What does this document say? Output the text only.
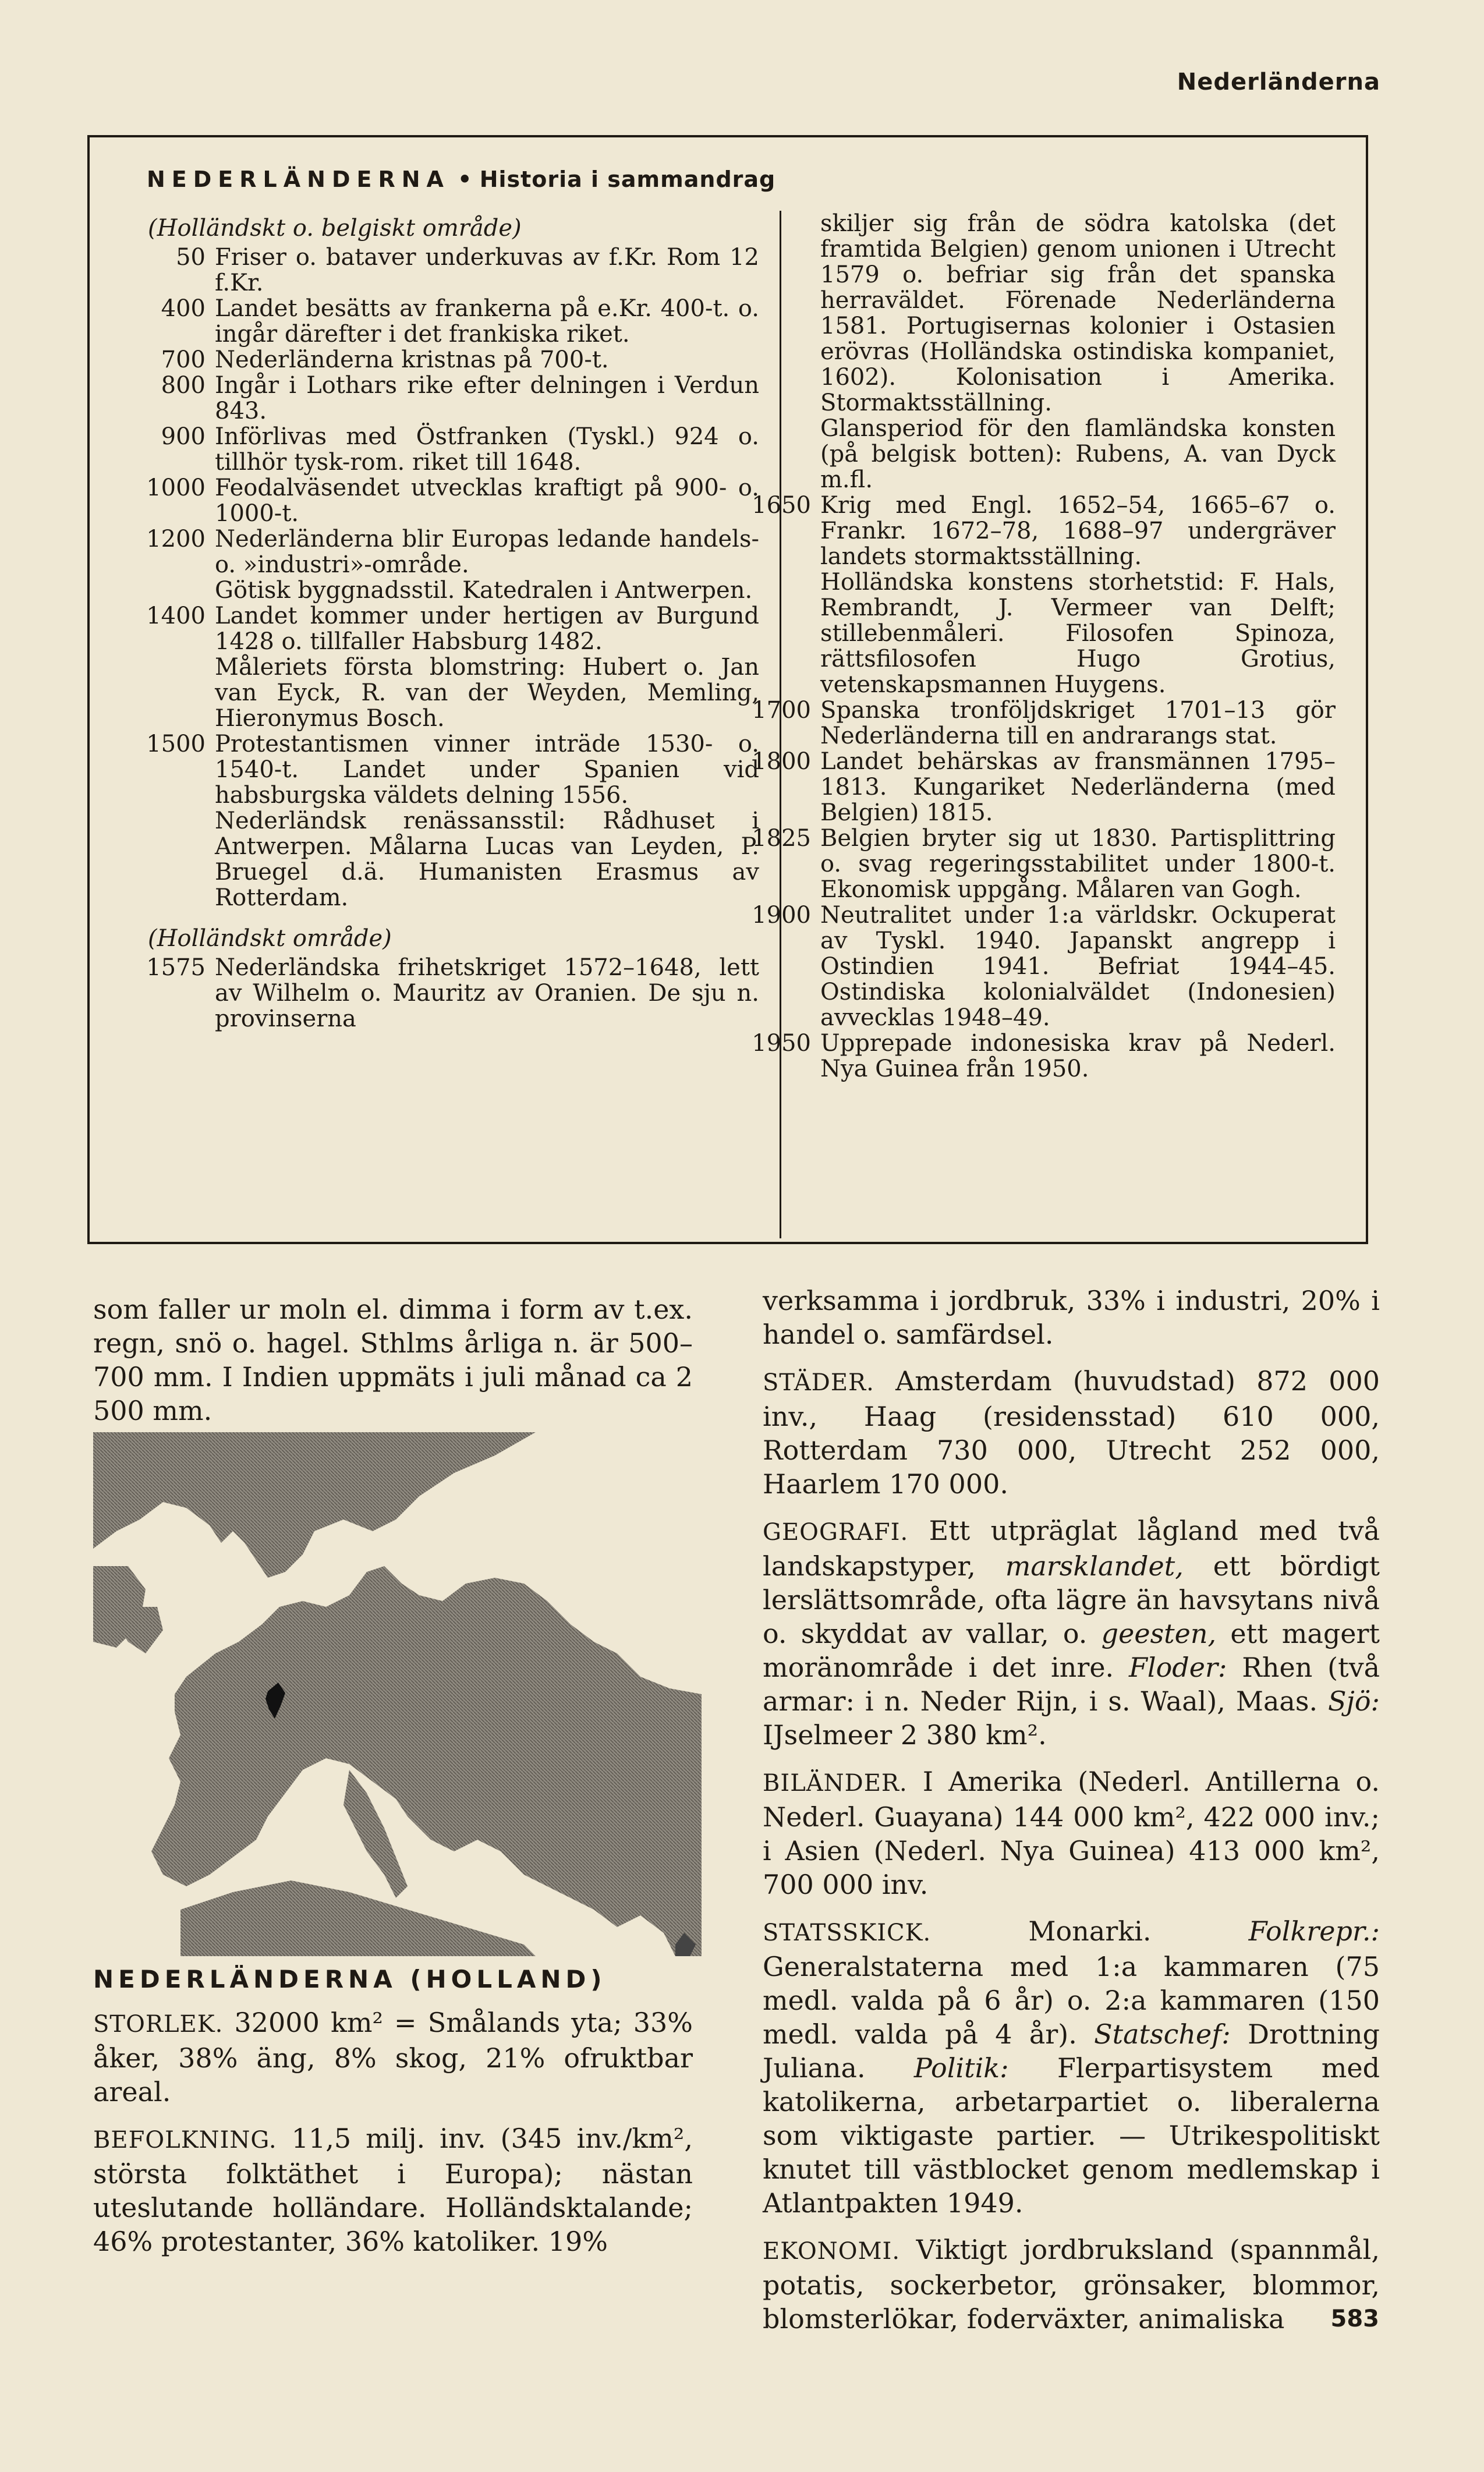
Nederländerna
NEDERLÄNDERNA • Historia i sammandrag
(Holländskt o. belgiskt område)
50 Friser o. bataver underkuvas av f.Kr. Rom 12 f.Kr.
400 Landet besätts av frankerna på e.Kr. 400-t. o. ingår därefter i det frankiska riket.
700 Nederländerna kristnas på 700-t.
800 Ingår i Lothars rike efter delningen i Verdun 843.
900 Införlivas med Östfranken (Tyskl.) 924 o. tillhör tysk-rom. riket till 1648.
1000 Feodalväsendet utvecklas kraftigt på 900- o. 1000-t.
1200 Nederländerna blir Europas ledande handels- o. »industri»-område.

Götisk byggnadsstil. Katedralen i Antwerpen.

1400 Landet kommer under hertigen av Burgund 1428 o. tillfaller Habsburg 1482.

Måleriets första blomstring: Hubert o. Jan van Eyck, R. van der Weyden, Memling, Hieronymus Bosch.

1500 Protestantismen vinner inträde 1530- o. 1540-t. Landet under Spanien vid habsburgska väldets delning 1556.

Nederländsk renässansstil: Rådhuset i Antwerpen. Målarna Lucas van Leyden, P. Bruegel d.ä. Humanisten Erasmus av Rotterdam.

(Holländskt område)
1575 Nederländska frihetskriget 1572–1648, lett av Wilhelm o. Mauritz av Oranien. De sju n. provinserna

skiljer sig från de södra katolska (det framtida Belgien) genom unionen i Utrecht 1579 o. befriar sig från det spanska herraväldet. Förenade Nederländerna 1581. Portugisernas kolonier i Ostasien erövras (Holländska ostindiska kompaniet, 1602). Kolonisation i Amerika. Stormaktsställning.

Glansperiod för den flamländska konsten (på belgisk botten): Rubens, A. van Dyck m.fl.

1650 Krig med Engl. 1652–54, 1665–67 o. Frankr. 1672–78, 1688–97 undergräver landets stormaktsställning.

Holländska konstens storhetstid: F. Hals, Rembrandt, J. Vermeer van Delft; stillebenmåleri. Filosofen Spinoza, rättsfilosofen Hugo Grotius, vetenskapsmannen Huygens.

1700 Spanska tronföljdskriget 1701–13 gör Nederländerna till en andrarangs stat.
1800 Landet behärskas av fransmännen 1795–1813. Kungariket Nederländerna (med Belgien) 1815.
1825 Belgien bryter sig ut 1830. Partisplittring o. svag regeringsstabilitet under 1800-t. Ekonomisk uppgång. Målaren van Gogh.
1900 Neutralitet under 1:a världskr. Ockuperat av Tyskl. 1940. Japanskt angrepp i Ostindien 1941. Befriat 1944–45. Ostindiska kolonialväldet (Indonesien) avvecklas 1948–49.
1950 Upprepade indonesiska krav på Nederl. Nya Guinea från 1950.

som faller ur moln el. dimma i form av t.ex. regn, snö o. hagel. Sthlms årliga n. är 500–700 mm. I Indien uppmäts i juli månad ca 2 500 mm.

NEDERLÄNDERNA (HOLLAND)

STORLEK. 32000 km² = Smålands yta; 33% åker, 38% äng, 8% skog, 21% ofruktbar areal.

BEFOLKNING. 11,5 milj. inv. (345 inv./km², största folktäthet i Europa); nästan uteslutande holländare. Holländsktalande; 46% protestanter, 36% katoliker. 19%

verksamma i jordbruk, 33% i industri, 20% i handel o. samfärdsel.

STÄDER. Amsterdam (huvudstad) 872 000 inv., Haag (residensstad) 610 000, Rotterdam 730 000, Utrecht 252 000, Haarlem 170 000.

GEOGRAFI. Ett utpräglat lågland med två landskapstyper, marsklandet, ett bördigt lerslättsområde, ofta lägre än havsytans nivå o. skyddat av vallar, o. geesten, ett magert moränområde i det inre. Floder: Rhen (två armar: i n. Neder Rijn, i s. Waal), Maas. Sjö: IJselmeer 2 380 km².

BILÄNDER. I Amerika (Nederl. Antillerna o. Nederl. Guayana) 144 000 km², 422 000 inv.; i Asien (Nederl. Nya Guinea) 413 000 km², 700 000 inv.

STATSSKICK.	Monarki.	Folkrepr.: Generalstaterna med 1:a kammaren (75 medl. valda på 6 år) o. 2:a kammaren (150 medl. valda på 4 år). Statschef: Drottning Juliana. Politik: Flerpartisystem med katolikerna, arbetarpartiet o. liberalerna som viktigaste partier. — Utrikespolitiskt knutet till västblocket genom medlemskap i Atlantpakten 1949.

EKONOMI. Viktigt jordbruksland (spannmål, potatis, sockerbetor, grönsaker, blommor, blomsterlökar, foderväxter, animaliska	583
